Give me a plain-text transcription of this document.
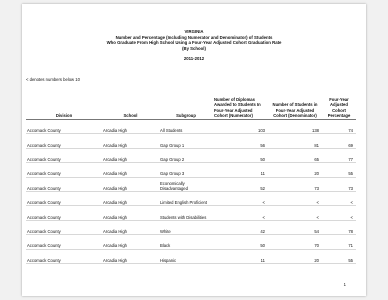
VIRGINIA
Number and Percentage (Including Numerator and Denominator) of Students
Who Graduate From High School Using a Four-Year Adjusted Cohort Graduation Rate
(By School)
2011-2012
< denotes numbers below 10
Division	School	Subgroup	Number of Diplomas Awarded to Students In Four-Year Adjusted Cohort (Numerator)	Number of Students in Four-Year Adjusted Cohort (Denominator)	Four-Year Adjusted Cohort Percentage
Accomack County	Arcadia High	All Students	103	138	74
Accomack County	Arcadia High	Gap Group 1	56	81	69
Accomack County	Arcadia High	Gap Group 2	50	65	77
Accomack County	Arcadia High	Gap Group 3	11	20	55
Accomack County	Arcadia High	Economically Disadvantaged	52	73	73
Accomack County	Arcadia High	Limited English Proficient	<	<	<
Accomack County	Arcadia High	Students with Disabilities	<	<	<
Accomack County	Arcadia High	White	42	54	78
Accomack County	Arcadia High	Black	50	70	71
Accomack County	Arcadia High	Hispanic	11	20	55
1
